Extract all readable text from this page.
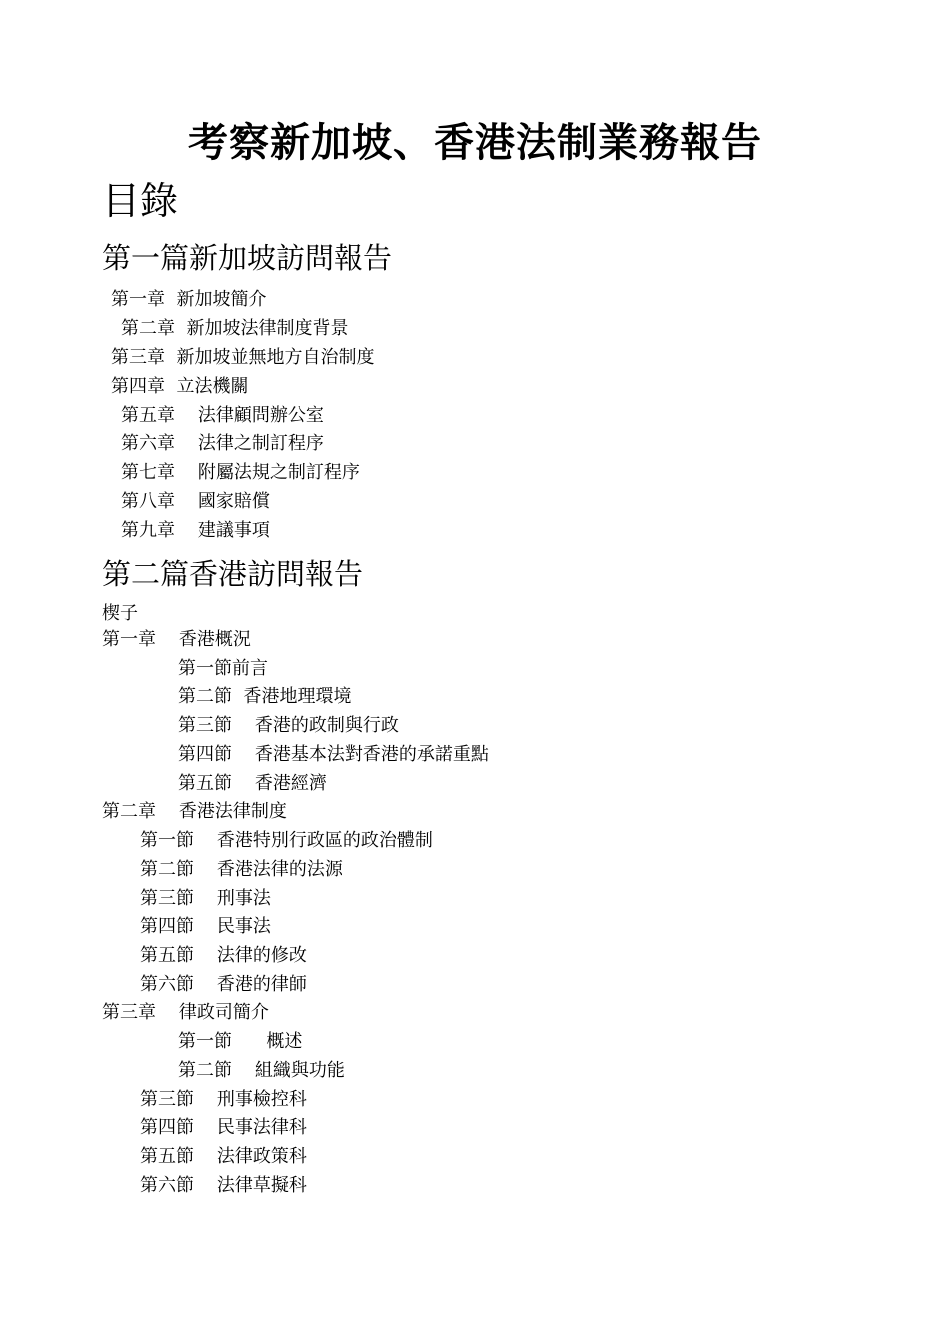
考察新加坡、香港法制業務報告
目錄
第一篇新加坡訪問報告
第一章  新加坡簡介
第二章  新加坡法律制度背景
第三章  新加坡並無地方自治制度
第四章  立法機關
第五章    法律顧問辦公室
第六章    法律之制訂程序
第七章    附屬法規之制訂程序
第八章    國家賠償
第九章    建議事項
第二篇香港訪問報告
楔子
第一章    香港概況
第一節前言
第二節  香港地理環境
第三節    香港的政制與行政
第四節    香港基本法對香港的承諾重點
第五節    香港經濟
第二章    香港法律制度
第一節    香港特別行政區的政治體制
第二節    香港法律的法源
第三節    刑事法
第四節    民事法
第五節    法律的修改
第六節    香港的律師
第三章    律政司簡介
第一節      概述
第二節    組織與功能
第三節    刑事檢控科
第四節    民事法律科
第五節    法律政策科
第六節    法律草擬科
